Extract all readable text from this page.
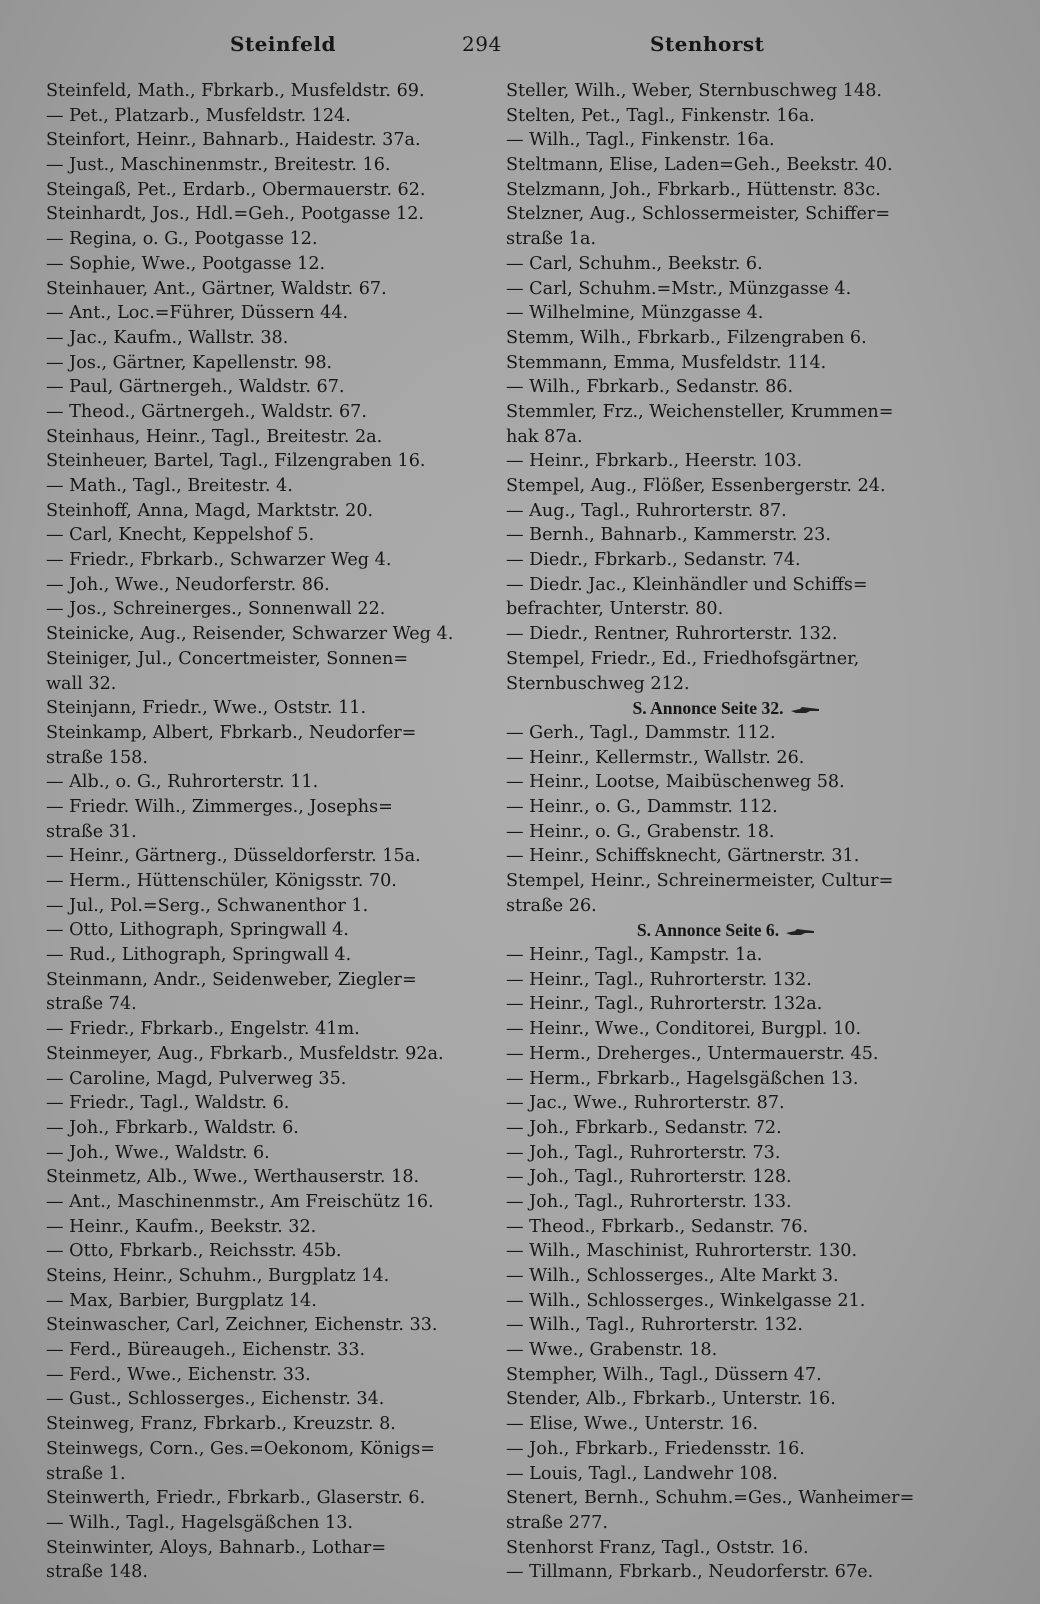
Steinfeld	294	Stenhorst
Steinfeld, Math., Fbrkarb., Musfeldstr. 69.
— Pet., Platzarb., Musfeldstr. 124.
Steinfort, Heinr., Bahnarb., Haidestr. 37a.
— Just., Maschinenmstr., Breitestr. 16.
Steingaß, Pet., Erdarb., Obermauerstr. 62.
Steinhardt, Jos., Hdl.=Geh., Pootgasse 12.
— Regina, o. G., Pootgasse 12.
— Sophie, Wwe., Pootgasse 12.
Steinhauer, Ant., Gärtner, Waldstr. 67.
— Ant., Loc.=Führer, Düssern 44.
— Jac., Kaufm., Wallstr. 38.
— Jos., Gärtner, Kapellenstr. 98.
— Paul, Gärtnergeh., Waldstr. 67.
— Theod., Gärtnergeh., Waldstr. 67.
Steinhaus, Heinr., Tagl., Breitestr. 2a.
Steinheuer, Bartel, Tagl., Filzengraben 16.
— Math., Tagl., Breitestr. 4.
Steinhoff, Anna, Magd, Marktstr. 20.
— Carl, Knecht, Keppelshof 5.
— Friedr., Fbrkarb., Schwarzer Weg 4.
— Joh., Wwe., Neudorferstr. 86.
— Jos., Schreinerges., Sonnenwall 22.
Steinicke, Aug., Reisender, Schwarzer Weg 4.
Steiniger, Jul., Concertmeister, Sonnen=
wall 32.
Steinjann, Friedr., Wwe., Oststr. 11.
Steinkamp, Albert, Fbrkarb., Neudorfer=
straße 158.
— Alb., o. G., Ruhrorterstr. 11.
— Friedr. Wilh., Zimmerges., Josephs=
straße 31.
— Heinr., Gärtnerg., Düsseldorferstr. 15a.
— Herm., Hüttenschüler, Königsstr. 70.
— Jul., Pol.=Serg., Schwanenthor 1.
— Otto, Lithograph, Springwall 4.
— Rud., Lithograph, Springwall 4.
Steinmann, Andr., Seidenweber, Ziegler=
straße 74.
— Friedr., Fbrkarb., Engelstr. 41m.
Steinmeyer, Aug., Fbrkarb., Musfeldstr. 92a.
— Caroline, Magd, Pulverweg 35.
— Friedr., Tagl., Waldstr. 6.
— Joh., Fbrkarb., Waldstr. 6.
— Joh., Wwe., Waldstr. 6.
Steinmetz, Alb., Wwe., Werthauserstr. 18.
— Ant., Maschinenmstr., Am Freischütz 16.
— Heinr., Kaufm., Beekstr. 32.
— Otto, Fbrkarb., Reichsstr. 45b.
Steins, Heinr., Schuhm., Burgplatz 14.
— Max, Barbier, Burgplatz 14.
Steinwascher, Carl, Zeichner, Eichenstr. 33.
— Ferd., Büreaugeh., Eichenstr. 33.
— Ferd., Wwe., Eichenstr. 33.
— Gust., Schlosserges., Eichenstr. 34.
Steinweg, Franz, Fbrkarb., Kreuzstr. 8.
Steinwegs, Corn., Ges.=Oekonom, Königs=
straße 1.
Steinwerth, Friedr., Fbrkarb., Glaserstr. 6.
— Wilh., Tagl., Hagelsgäßchen 13.
Steinwinter, Aloys, Bahnarb., Lothar=
straße 148.
Steller, Wilh., Weber, Sternbuschweg 148.
Stelten, Pet., Tagl., Finkenstr. 16a.
— Wilh., Tagl., Finkenstr. 16a.
Steltmann, Elise, Laden=Geh., Beekstr. 40.
Stelzmann, Joh., Fbrkarb., Hüttenstr. 83c.
Stelzner, Aug., Schlossermeister, Schiffer=
straße 1a.
— Carl, Schuhm., Beekstr. 6.
— Carl, Schuhm.=Mstr., Münzgasse 4.
— Wilhelmine, Münzgasse 4.
Stemm, Wilh., Fbrkarb., Filzengraben 6.
Stemmann, Emma, Musfeldstr. 114.
— Wilh., Fbrkarb., Sedanstr. 86.
Stemmler, Frz., Weichensteller, Krummen=
hak 87a.
— Heinr., Fbrkarb., Heerstr. 103.
Stempel, Aug., Flößer, Essenbergerstr. 24.
— Aug., Tagl., Ruhrorterstr. 87.
— Bernh., Bahnarb., Kammerstr. 23.
— Diedr., Fbrkarb., Sedanstr. 74.
— Diedr. Jac., Kleinhändler und Schiffs=
befrachter, Unterstr. 80.
— Diedr., Rentner, Ruhrorterstr. 132.
Stempel, Friedr., Ed., Friedhofsgärtner,
Sternbuschweg 212.
S. Annonce Seite 32.
— Gerh., Tagl., Dammstr. 112.
— Heinr., Kellermstr., Wallstr. 26.
— Heinr., Lootse, Maibüschenweg 58.
— Heinr., o. G., Dammstr. 112.
— Heinr., o. G., Grabenstr. 18.
— Heinr., Schiffsknecht, Gärtnerstr. 31.
Stempel, Heinr., Schreinermeister, Cultur=
straße 26.
S. Annonce Seite 6.
— Heinr., Tagl., Kampstr. 1a.
— Heinr., Tagl., Ruhrorterstr. 132.
— Heinr., Tagl., Ruhrorterstr. 132a.
— Heinr., Wwe., Conditorei, Burgpl. 10.
— Herm., Dreherges., Untermauerstr. 45.
— Herm., Fbrkarb., Hagelsgäßchen 13.
— Jac., Wwe., Ruhrorterstr. 87.
— Joh., Fbrkarb., Sedanstr. 72.
— Joh., Tagl., Ruhrorterstr. 73.
— Joh., Tagl., Ruhrorterstr. 128.
— Joh., Tagl., Ruhrorterstr. 133.
— Theod., Fbrkarb., Sedanstr. 76.
— Wilh., Maschinist, Ruhrorterstr. 130.
— Wilh., Schlosserges., Alte Markt 3.
— Wilh., Schlosserges., Winkelgasse 21.
— Wilh., Tagl., Ruhrorterstr. 132.
— Wwe., Grabenstr. 18.
Stempher, Wilh., Tagl., Düssern 47.
Stender, Alb., Fbrkarb., Unterstr. 16.
— Elise, Wwe., Unterstr. 16.
— Joh., Fbrkarb., Friedensstr. 16.
— Louis, Tagl., Landwehr 108.
Stenert, Bernh., Schuhm.=Ges., Wanheimer=
straße 277.
Stenhorst Franz, Tagl., Oststr. 16.
— Tillmann, Fbrkarb., Neudorferstr. 67e.
